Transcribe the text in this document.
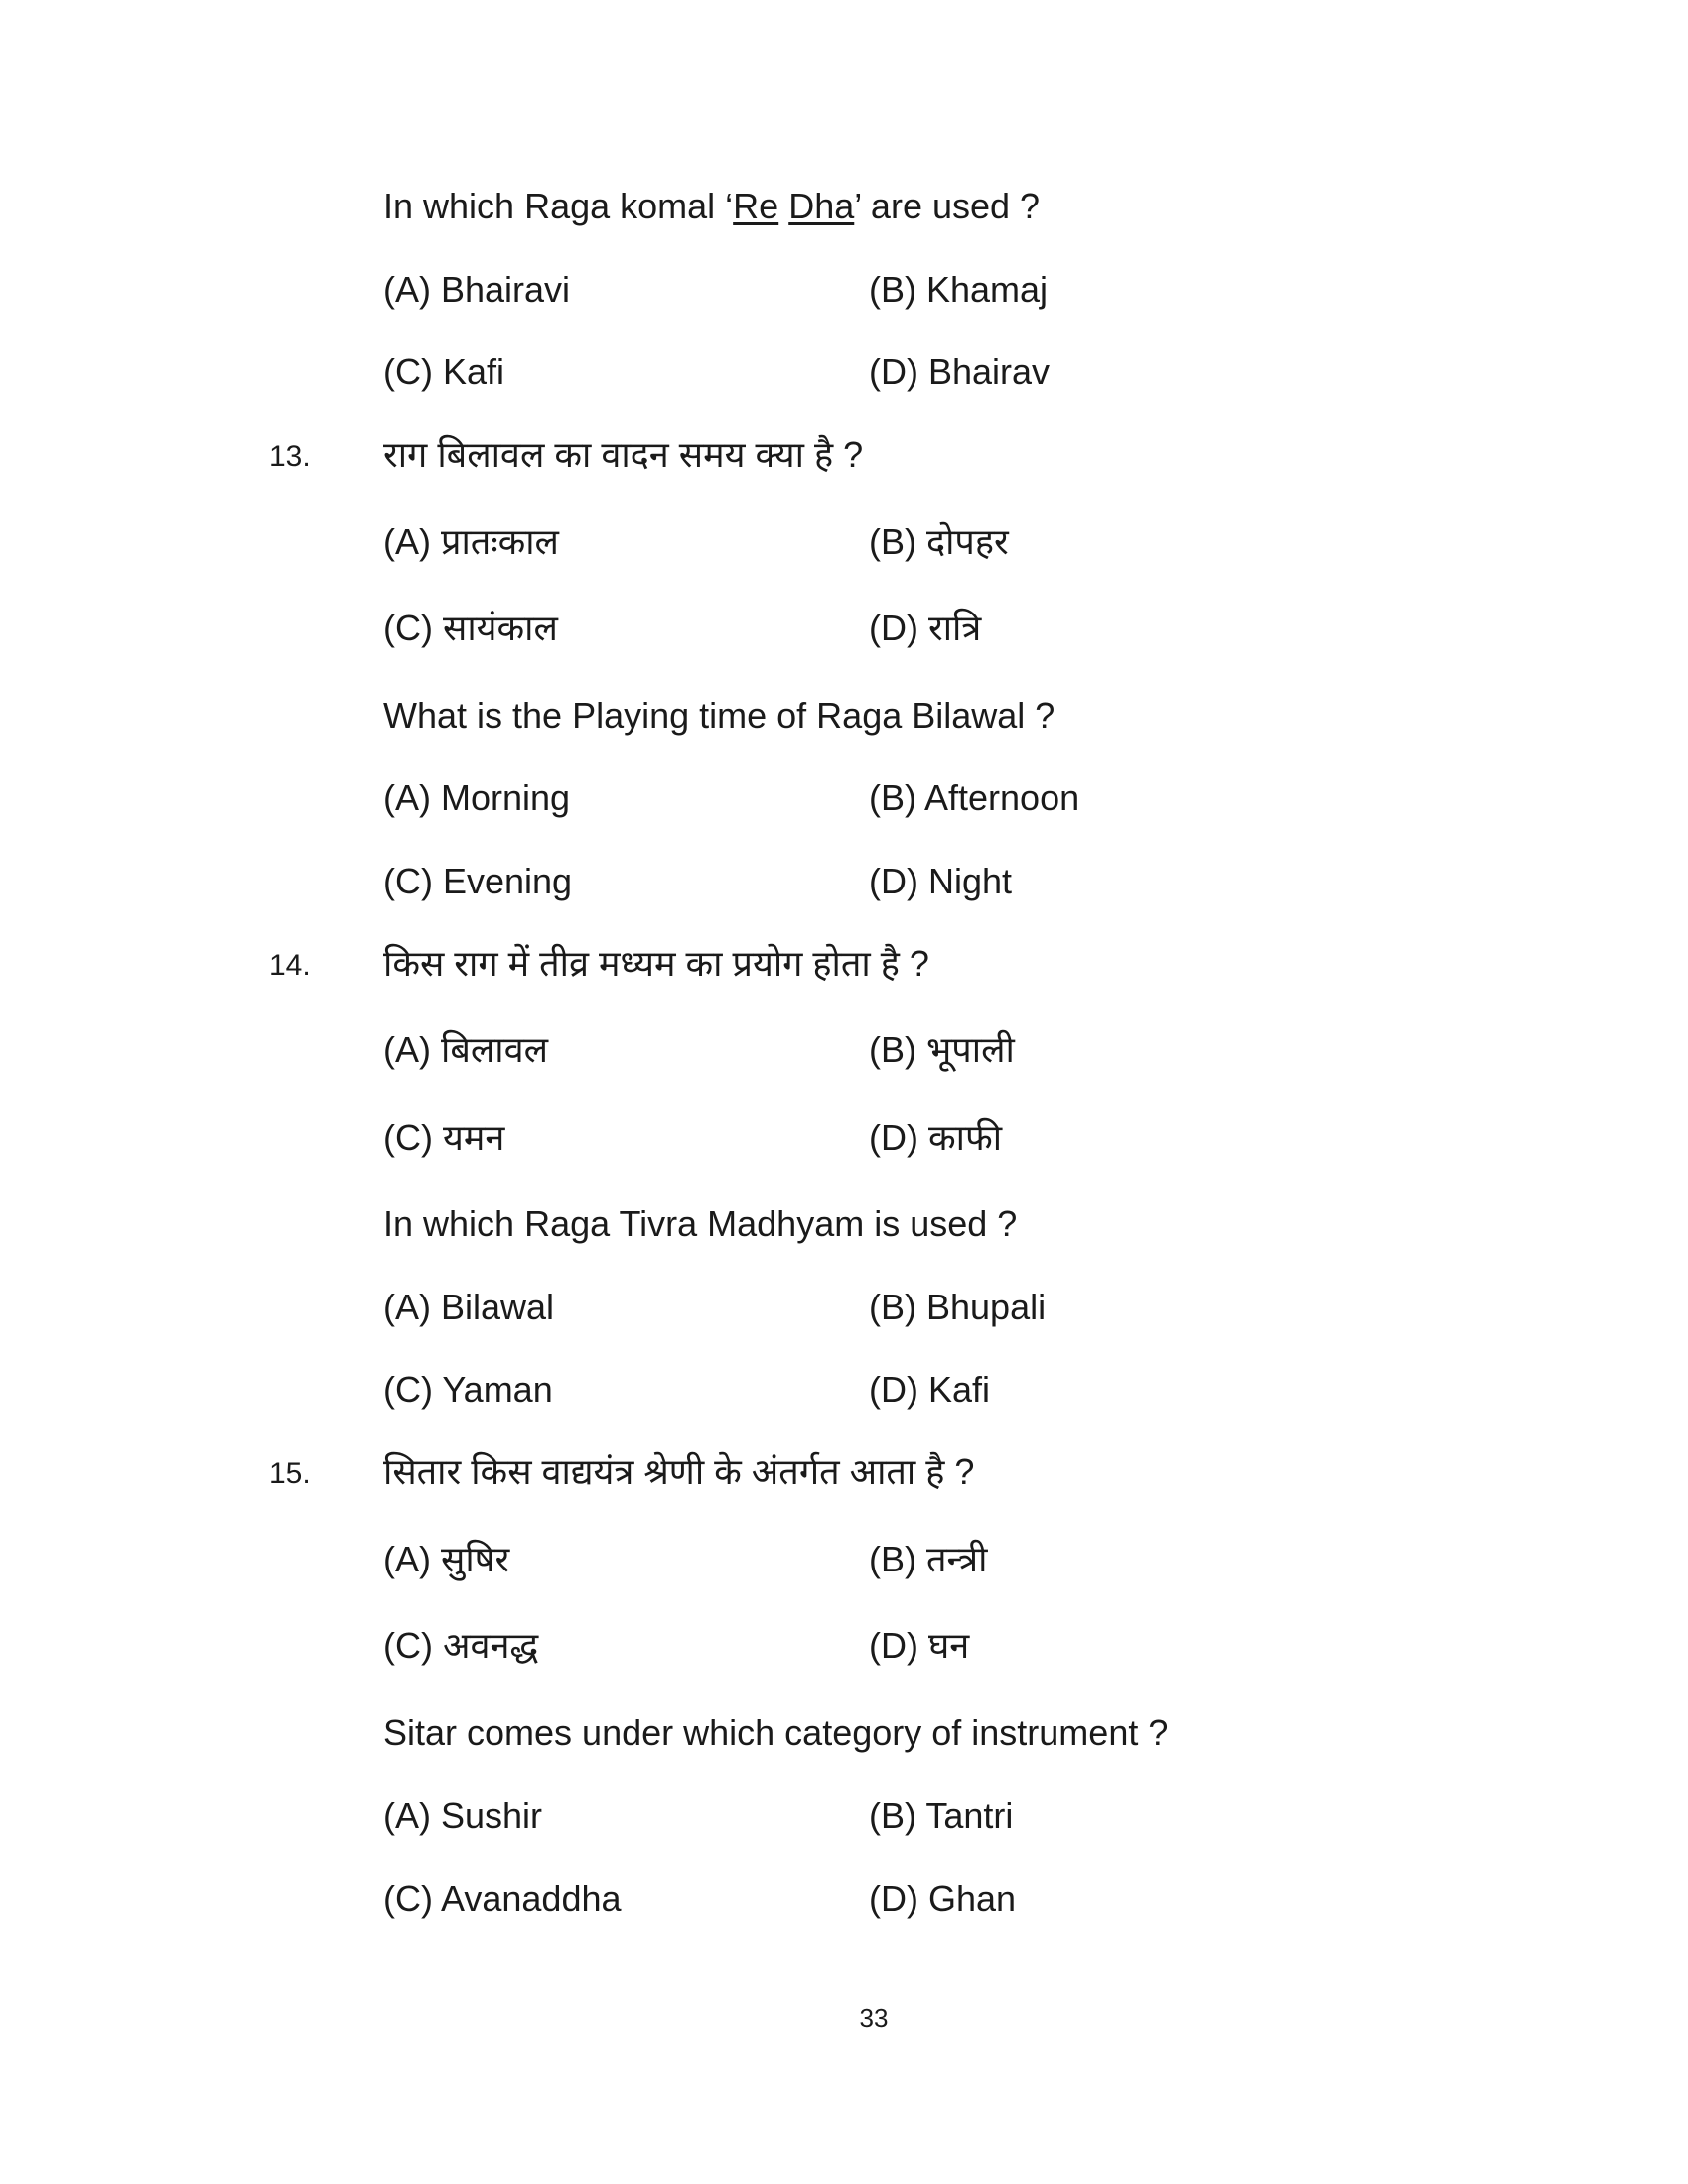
In which Raga komal ‘Re Dha’ are used ?
(A) Bhairavi	(B) Khamaj
(C) Kafi	(D) Bhairav
13. राग बिलावल का वादन समय क्या है ?
(A) प्रातःकाल	(B) दोपहर
(C) सायंकाल	(D) रात्रि
What is the Playing time of Raga Bilawal ?
(A) Morning	(B) Afternoon
(C) Evening	(D) Night
14. किस राग में तीव्र मध्यम का प्रयोग होता है ?
(A) बिलावल	(B) भूपाली
(C) यमन	(D) काफी
In which Raga Tivra Madhyam is used ?
(A) Bilawal	(B) Bhupali
(C) Yaman	(D) Kafi
15. सितार किस वाद्ययंत्र श्रेणी के अंतर्गत आता है ?
(A) सुषिर	(B) तन्त्री
(C) अवनद्ध	(D) घन
Sitar comes under which category of instrument ?
(A) Sushir	(B) Tantri
(C) Avanaddha	(D) Ghan
33
